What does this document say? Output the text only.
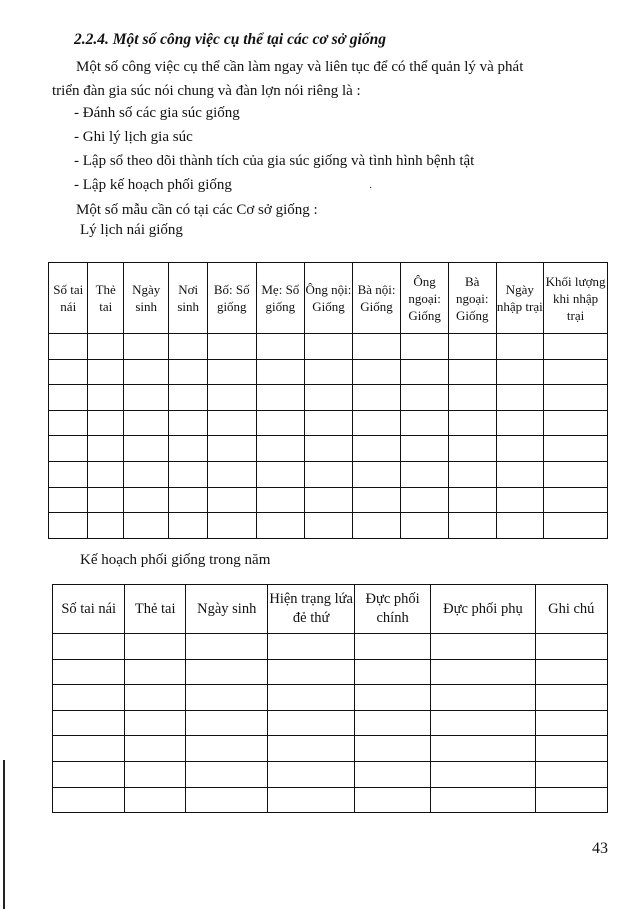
2.2.4. Một số công việc cụ thể tại các cơ sở giống
Một số công việc cụ thể cần làm ngay và liên tục để có thể quản lý và phát
triển đàn gia súc nói chung và đàn lợn nói riêng là :
- Đánh số các gia súc giống
- Ghi lý lịch gia súc
- Lập sổ theo dõi thành tích của gia súc giống và tình hình bệnh tật
- Lập kế hoạch phối giống	·
Một số mẫu cần có tại các Cơ sở giống :
Lý lịch nái giống
Số tai nái	Thẻ tai	Ngày sinh	Nơi sinh	Bố: Số giống	Mẹ: Số giống	Ông nội: Giống	Bà nội: Giống	Ông ngoại: Giống	Bà ngoại: Giống	Ngày nhập trại	Khối lượng khi nhập trại

Kế hoạch phối giống trong năm
Số tai nái	Thẻ tai	Ngày sinh	Hiện trạng lứa đẻ thứ	Đực phối chính	Đực phối phụ	Ghi chú

43
